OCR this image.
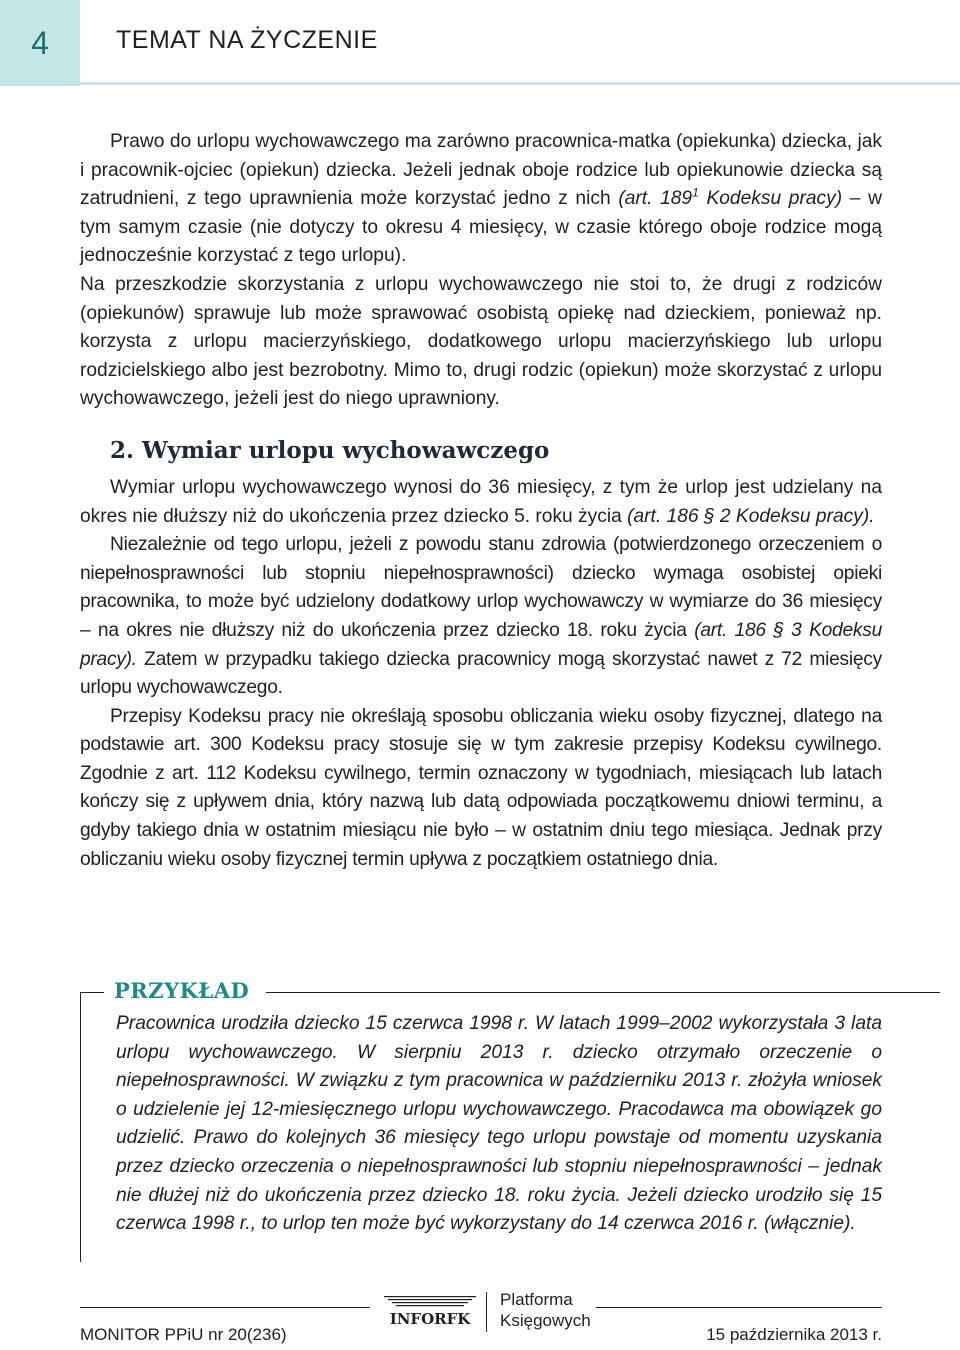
4	TEMAT NA ŻYCZENIE

Prawo do urlopu wychowawczego ma zarówno pracownica-matka (opiekunka) dziecka, jak i pracownik-ojciec (opiekun) dziecka. Jeżeli jednak oboje rodzice lub opiekunowie dziecka są zatrudnieni, z tego uprawnienia może korzystać jedno z nich (art. $189^1$ Kodeksu pracy) – w tym samym czasie (nie dotyczy to okresu 4 miesięcy, w czasie którego oboje rodzice mogą jednocześnie korzystać z tego urlopu).

Na przeszkodzie skorzystania z urlopu wychowawczego nie stoi to, że drugi z rodziców (opiekunów) sprawuje lub może sprawować osobistą opiekę nad dzieckiem, ponieważ np. korzysta z urlopu macierzyńskiego, dodatkowego urlopu macierzyńskiego lub urlopu rodzicielskiego albo jest bezrobotny. Mimo to, drugi rodzic (opiekun) może skorzystać z urlopu wychowawczego, jeżeli jest do niego uprawniony.

2. Wymiar urlopu wychowawczego

Wymiar urlopu wychowawczego wynosi do 36 miesięcy, z tym że urlop jest udzielany na okres nie dłuższy niż do ukończenia przez dziecko 5. roku życia (art. 186 § 2 Kodeksu pracy).

Niezależnie od tego urlopu, jeżeli z powodu stanu zdrowia (potwierdzonego orzeczeniem o niepełnosprawności lub stopniu niepełnosprawności) dziecko wymaga osobistej opieki pracownika, to może być udzielony dodatkowy urlop wychowawczy w wymiarze do 36 miesięcy – na okres nie dłuższy niż do ukończenia przez dziecko 18. roku życia (art. 186 § 3 Kodeksu pracy). Zatem w przypadku takiego dziecka pracownicy mogą skorzystać nawet z 72 miesięcy urlopu wychowawczego.

Przepisy Kodeksu pracy nie określają sposobu obliczania wieku osoby fizycznej, dlatego na podstawie art. 300 Kodeksu pracy stosuje się w tym zakresie przepisy Kodeksu cywilnego. Zgodnie z art. 112 Kodeksu cywilnego, termin oznaczony w tygodniach, miesiącach lub latach kończy się z upływem dnia, który nazwą lub datą odpowiada początkowemu dniowi terminu, a gdyby takiego dnia w ostatnim miesiącu nie było – w ostatnim dniu tego miesiąca. Jednak przy obliczaniu wieku osoby fizycznej termin upływa z początkiem ostatniego dnia.

PRZYKŁAD
Pracownica urodziła dziecko 15 czerwca 1998 r. W latach 1999–2002 wykorzystała 3 lata urlopu wychowawczego. W sierpniu 2013 r. dziecko otrzymało orzeczenie o niepełnosprawności. W związku z tym pracownica w październiku 2013 r. złożyła wniosek o udzielenie jej 12-miesięcznego urlopu wychowawczego. Pracodawca ma obowiązek go udzielić. Prawo do kolejnych 36 miesięcy tego urlopu powstaje od momentu uzyskania przez dziecko orzeczenia o niepełnosprawności lub stopniu niepełnosprawności – jednak nie dłużej niż do ukończenia przez dziecko 18. roku życia. Jeżeli dziecko urodziło się 15 czerwca 1998 r., to urlop ten może być wykorzystany do 14 czerwca 2016 r. (włącznie).
INFORFK
Platforma
Księgowych
MONITOR PPiU nr 20(236)	15 października 2013 r.
